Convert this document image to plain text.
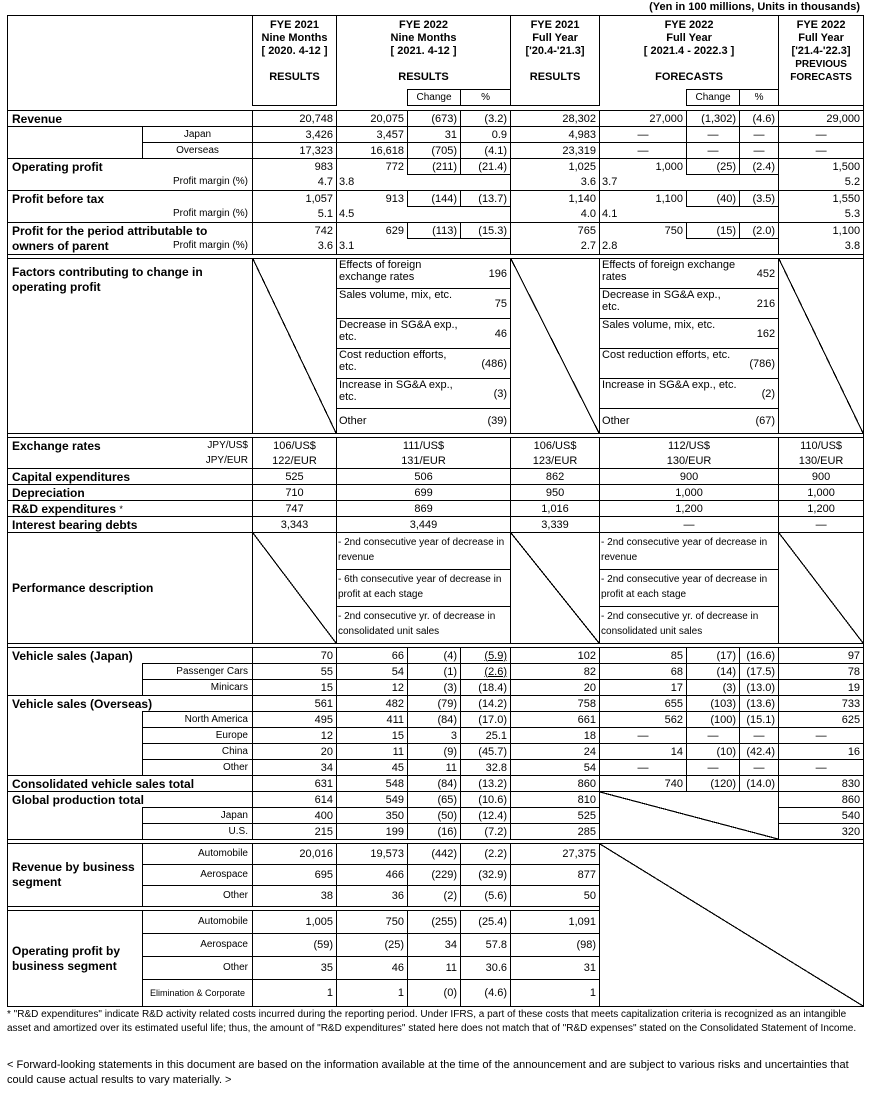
(Yen in 100 millions, Units in thousands)
		FYE 2021
Nine Months
[ 2020. 4-12 ]

RESULTS	FYE 2022
Nine Months
[ 2021. 4-12 ]

RESULTS			FYE 2021
Full Year
['20.4-'21.3]

RESULTS	FYE 2022
Full Year
[ 2021.4 - 2022.3 ]

FORECASTS			FYE 2022
Full Year
['21.4-'22.3]
PREVIOUS FORECASTS
				Change	%			Change	%	

Revenue		20,748	20,075	(673)	(3.2)	28,302	27,000	(1,302)	(4.6)	29,000
	Japan	3,426	3,457	31	0.9	4,983	—	—	—	—
	Overseas	17,323	16,618	(705)	(4.1)	23,319	—	—	—	—
Operating profit		983	772	(211)	(21.4)	1,025	1,000	(25)	(2.4)	1,500
Profit margin (%)		4.7	3.8			3.6	3.7			5.2
Profit before tax		1,057	913	(144)	(13.7)	1,140	1,100	(40)	(3.5)	1,550
Profit margin (%)		5.1	4.5			4.0	4.1			5.3
Profit for the period attributable to		742	629	(113)	(15.3)	765	750	(15)	(2.0)	1,100
owners of parent	Profit margin (%)	3.6	3.1			2.7	2.8			3.8

Factors contributing to change in operating profit			Effects of foreign exchange rates		196		Effects of foreign exchange rates		452	
			Sales volume, mix, etc.		75		Decrease in SG&A exp., etc.		216	
			Decrease in SG&A exp., etc.		46		Sales volume, mix, etc.		162	
			Cost reduction efforts, etc.		(486)		Cost reduction efforts, etc.		(786)	
			Increase in SG&A exp., etc.		(3)		Increase in SG&A exp., etc.		(2)	
			Other		(39)		Other		(67)	

Exchange rates	JPY/US$	106/US$	111/US$			106/US$	112/US$			110/US$
	JPY/EUR	122/EUR	131/EUR			123/EUR	130/EUR			130/EUR
Capital expenditures		525	506			862	900			900
Depreciation		710	699			950	1,000			1,000
R&D expenditures *		747	869			1,016	1,200			1,200
Interest bearing debts		3,343	3,449			3,339	—			—
Performance description			- 2nd consecutive year of decrease in revenue				- 2nd consecutive year of decrease in revenue			
			- 6th consecutive year of decrease in profit at each stage				- 2nd consecutive year of decrease in profit at each stage			
			- 2nd consecutive yr. of decrease in consolidated unit sales				- 2nd consecutive yr. of decrease in consolidated unit sales			

Vehicle sales (Japan)		70	66	(4)	(5.9)	102	85	(17)	(16.6)	97
	Passenger Cars	55	54	(1)	(2.6)	82	68	(14)	(17.5)	78
	Minicars	15	12	(3)	(18.4)	20	17	(3)	(13.0)	19
Vehicle sales (Overseas)		561	482	(79)	(14.2)	758	655	(103)	(13.6)	733
	North America	495	411	(84)	(17.0)	661	562	(100)	(15.1)	625
	Europe	12	15	3	25.1	18	—	—	—	—
	China	20	11	(9)	(45.7)	24	14	(10)	(42.4)	16
	Other	34	45	11	32.8	54	—	—	—	—
Consolidated vehicle sales total		631	548	(84)	(13.2)	860	740	(120)	(14.0)	830
Global production total		614	549	(65)	(10.6)	810				860
	Japan	400	350	(50)	(12.4)	525				540
	U.S.	215	199	(16)	(7.2)	285				320

Revenue by business segment	Automobile	20,016	19,573	(442)	(2.2)	27,375				
	Aerospace	695	466	(229)	(32.9)	877				
	Other	38	36	(2)	(5.6)	50				

Operating profit by business segment	Automobile	1,005	750	(255)	(25.4)	1,091				
	Aerospace	(59)	(25)	34	57.8	(98)				
	Other	35	46	11	30.6	31				
	Elimination & Corporate	1	1	(0)	(4.6)	1				
* "R&D expenditures" indicate R&D activity related costs incurred during the reporting period. Under IFRS, a part of these costs that meets capitalization criteria is recognized as an intangible asset and amortized over its estimated useful life; thus, the amount of "R&D expenditures" stated here does not match that of "R&D expenses" stated on the Consolidated Statement of Income.
< Forward-looking statements in this document are based on the information available at the time of the announcement and are subject to various risks and uncertainties that could cause actual results to vary materially. >
